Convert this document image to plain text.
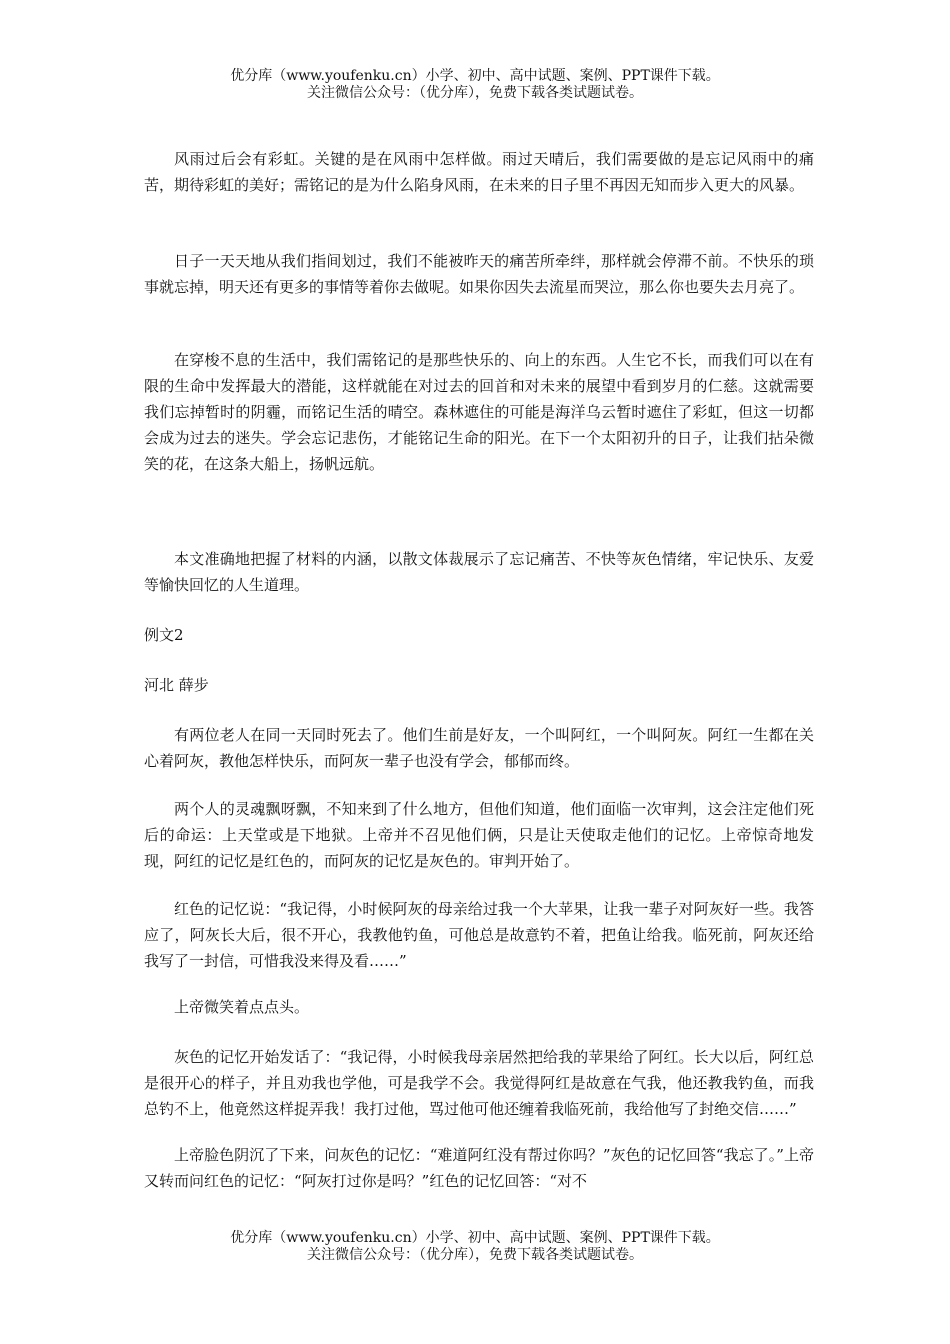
优分库（www.youfenku.cn）小学、初中、高中试题、案例、PPT课件下载。
关注微信公众号：（优分库），免费下载各类试题试卷。

风雨过后会有彩虹。关键的是在风雨中怎样做。雨过天晴后，我们需要做的是忘记风雨中的痛苦，期待彩虹的美好；需铭记的是为什么陷身风雨，在未来的日子里不再因无知而步入更大的风暴。

日子一天天地从我们指间划过，我们不能被昨天的痛苦所牵绊，那样就会停滞不前。不快乐的琐事就忘掉，明天还有更多的事情等着你去做呢。如果你因失去流星而哭泣，那么你也要失去月亮了。

在穿梭不息的生活中，我们需铭记的是那些快乐的、向上的东西。人生它不长，而我们可以在有限的生命中发挥最大的潜能，这样就能在对过去的回首和对未来的展望中看到岁月的仁慈。这就需要我们忘掉暂时的阴霾，而铭记生活的晴空。森林遮住的可能是海洋乌云暂时遮住了彩虹，但这一切都会成为过去的迷失。学会忘记悲伤，才能铭记生命的阳光。在下一个太阳初升的日子，让我们拈朵微笑的花，在这条大船上，扬帆远航。

本文准确地把握了材料的内涵，以散文体裁展示了忘记痛苦、不快等灰色情绪，牢记快乐、友爱等愉快回忆的人生道理。

例文2

河北 薛步

有两位老人在同一天同时死去了。他们生前是好友，一个叫阿红，一个叫阿灰。阿红一生都在关心着阿灰，教他怎样快乐，而阿灰一辈子也没有学会，郁郁而终。

两个人的灵魂飘呀飘，不知来到了什么地方，但他们知道，他们面临一次审判，这会注定他们死后的命运：上天堂或是下地狱。上帝并不召见他们俩，只是让天使取走他们的记忆。上帝惊奇地发现，阿红的记忆是红色的，而阿灰的记忆是灰色的。审判开始了。

红色的记忆说：“我记得，小时候阿灰的母亲给过我一个大苹果，让我一辈子对阿灰好一些。我答应了，阿灰长大后，很不开心，我教他钓鱼，可他总是故意钓不着，把鱼让给我。临死前，阿灰还给我写了一封信，可惜我没来得及看……”

上帝微笑着点点头。

灰色的记忆开始发话了：“我记得，小时候我母亲居然把给我的苹果给了阿红。长大以后，阿红总是很开心的样子，并且劝我也学他，可是我学不会。我觉得阿红是故意在气我，他还教我钓鱼，而我总钓不上，他竟然这样捉弄我！我打过他，骂过他可他还缠着我临死前，我给他写了封绝交信……”

上帝脸色阴沉了下来，问灰色的记忆：“难道阿红没有帮过你吗？”灰色的记忆回答“我忘了。”上帝又转而问红色的记忆：“阿灰打过你是吗？”红色的记忆回答：“对不

优分库（www.youfenku.cn）小学、初中、高中试题、案例、PPT课件下载。
关注微信公众号：（优分库），免费下载各类试题试卷。
